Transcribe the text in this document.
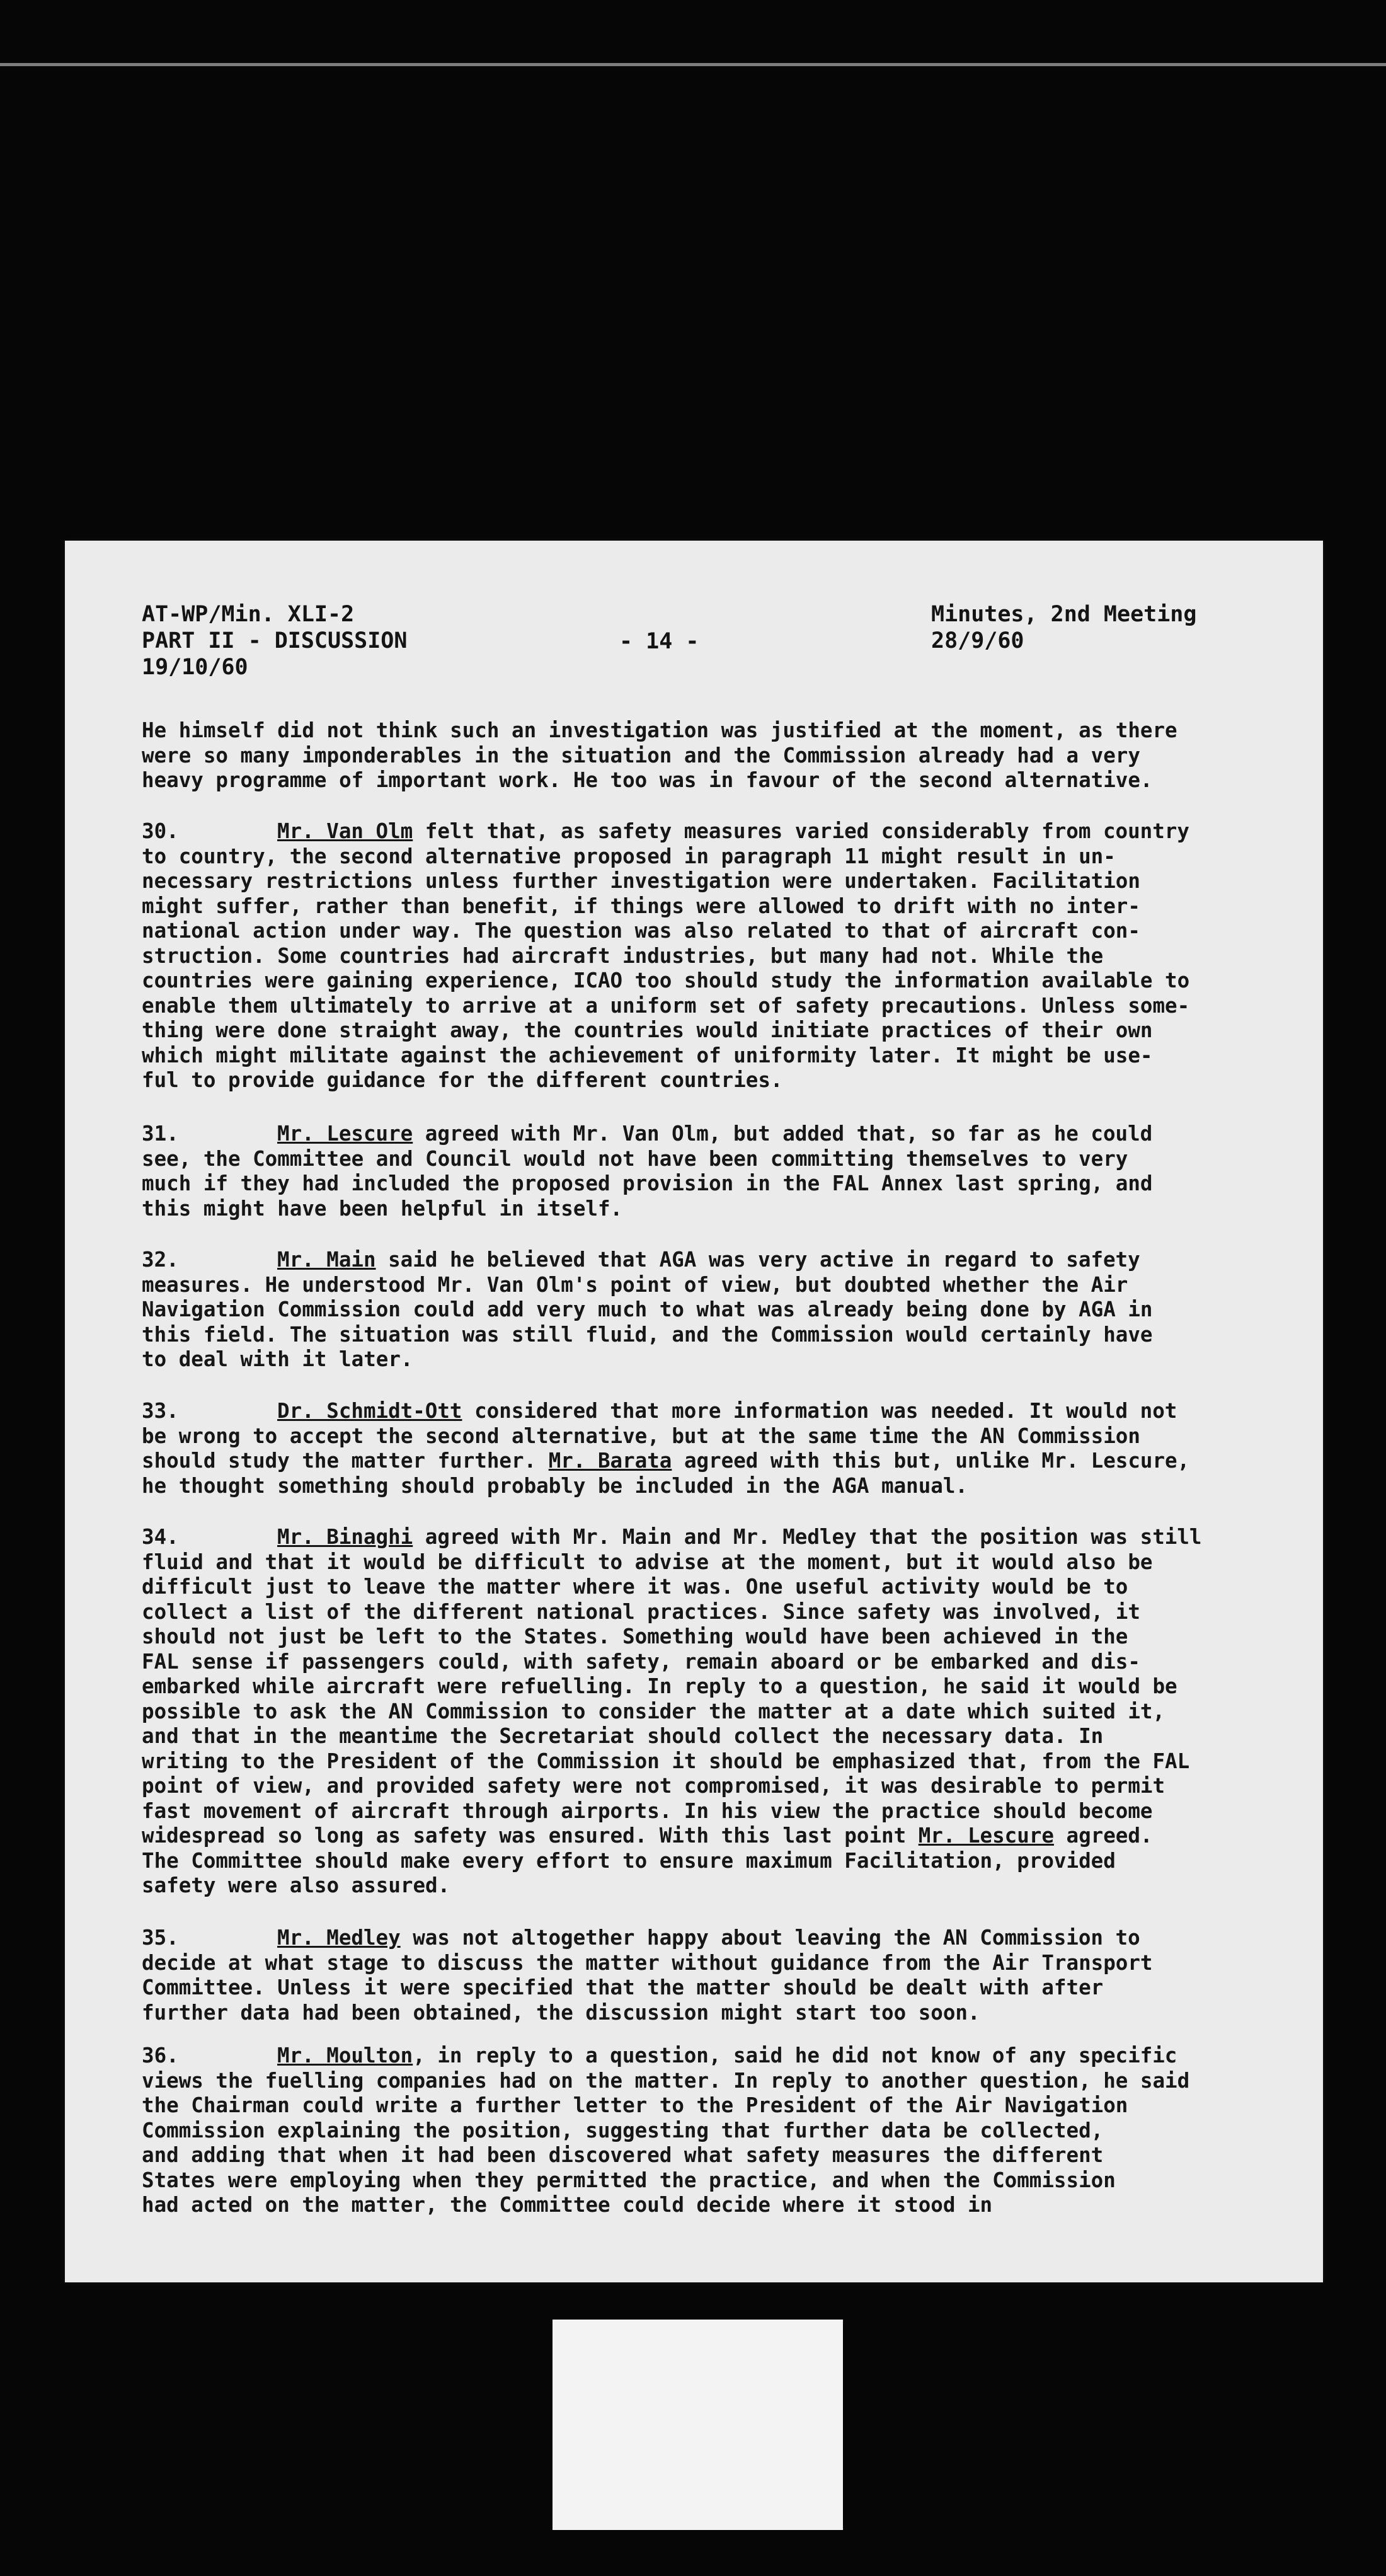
AT-WP/Min. XLI-2
PART II - DISCUSSION
19/10/60
- 14 -
Minutes, 2nd Meeting
28/9/60
He himself did not think such an investigation was justified at the moment, as there
were so many imponderables in the situation and the Commission already had a very
heavy programme of important work. He too was in favour of the second alternative.
30.	Mr. Van Olm felt that, as safety measures varied considerably from country
to country, the second alternative proposed in paragraph 11 might result in un-
necessary restrictions unless further investigation were undertaken. Facilitation
might suffer, rather than benefit, if things were allowed to drift with no inter-
national action under way. The question was also related to that of aircraft con-
struction. Some countries had aircraft industries, but many had not. While the
countries were gaining experience, ICAO too should study the information available to
enable them ultimately to arrive at a uniform set of safety precautions. Unless some-
thing were done straight away, the countries would initiate practices of their own
which might militate against the achievement of uniformity later. It might be use-
ful to provide guidance for the different countries.
31.	Mr. Lescure agreed with Mr. Van Olm, but added that, so far as he could
see, the Committee and Council would not have been committing themselves to very
much if they had included the proposed provision in the FAL Annex last spring, and
this might have been helpful in itself.
32.	Mr. Main said he believed that AGA was very active in regard to safety
measures. He understood Mr. Van Olm's point of view, but doubted whether the Air
Navigation Commission could add very much to what was already being done by AGA in
this field. The situation was still fluid, and the Commission would certainly have
to deal with it later.
33.	Dr. Schmidt-Ott considered that more information was needed. It would not
be wrong to accept the second alternative, but at the same time the AN Commission
should study the matter further. Mr. Barata agreed with this but, unlike Mr. Lescure,
he thought something should probably be included in the AGA manual.
34.	Mr. Binaghi agreed with Mr. Main and Mr. Medley that the position was still
fluid and that it would be difficult to advise at the moment, but it would also be
difficult just to leave the matter where it was. One useful activity would be to
collect a list of the different national practices. Since safety was involved, it
should not just be left to the States. Something would have been achieved in the
FAL sense if passengers could, with safety, remain aboard or be embarked and dis-
embarked while aircraft were refuelling. In reply to a question, he said it would be
possible to ask the AN Commission to consider the matter at a date which suited it,
and that in the meantime the Secretariat should collect the necessary data. In
writing to the President of the Commission it should be emphasized that, from the FAL
point of view, and provided safety were not compromised, it was desirable to permit
fast movement of aircraft through airports. In his view the practice should become
widespread so long as safety was ensured. With this last point Mr. Lescure agreed.
The Committee should make every effort to ensure maximum Facilitation, provided
safety were also assured.
35.	Mr. Medley was not altogether happy about leaving the AN Commission to
decide at what stage to discuss the matter without guidance from the Air Transport
Committee. Unless it were specified that the matter should be dealt with after
further data had been obtained, the discussion might start too soon.
36.	Mr. Moulton, in reply to a question, said he did not know of any specific
views the fuelling companies had on the matter. In reply to another question, he said
the Chairman could write a further letter to the President of the Air Navigation
Commission explaining the position, suggesting that further data be collected,
and adding that when it had been discovered what safety measures the different
States were employing when they permitted the practice, and when the Commission
had acted on the matter, the Committee could decide where it stood in
